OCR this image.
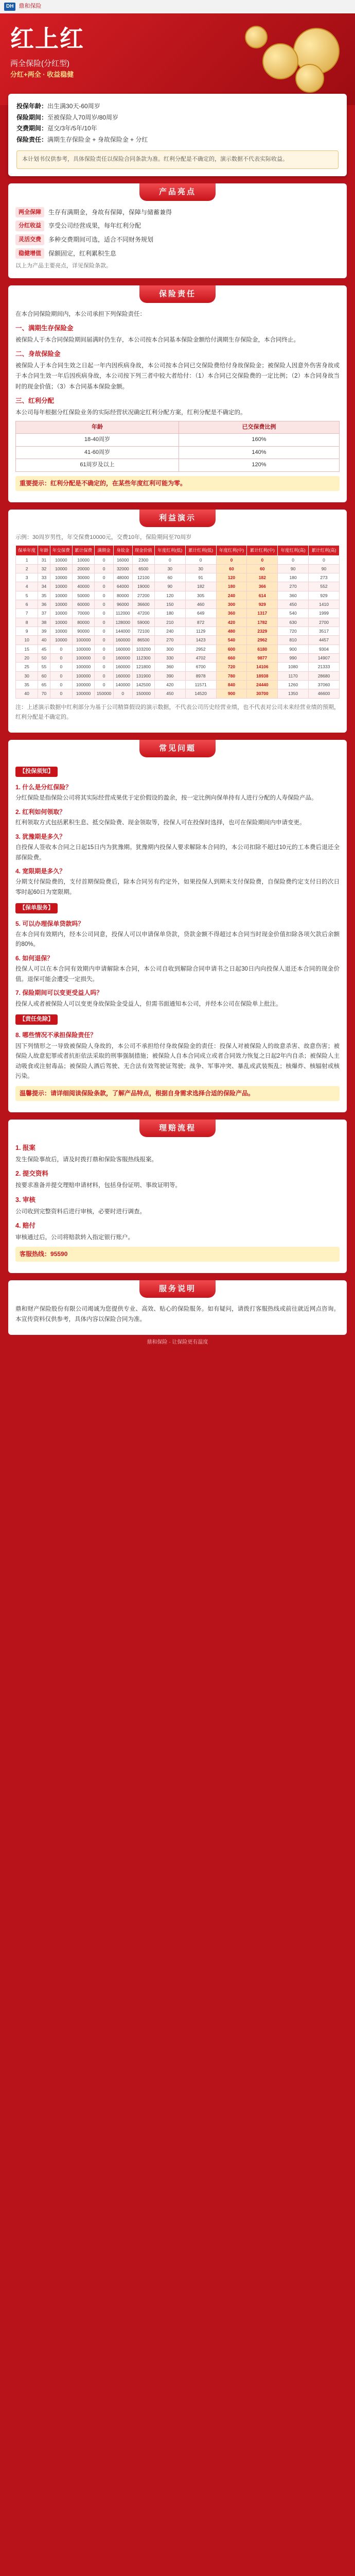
DH 鼎和保险
红上红
两全保险(分红型)
分红+两全 · 收益稳健
投保年龄：出生满30天-60周岁
保险期间：至被保险人70周岁/80周岁
交费期间：趸交/3年/5年/10年
保险责任：满期生存保险金 + 身故保险金 + 分红
本计划书仅供参考，具体保险责任以保险合同条款为准。红利分配是不确定的，演示数据不代表实际收益。
产品亮点
两全保障	生存有满期金，身故有保障，保障与储蓄兼得
分红收益	享受公司经营成果，每年红利分配
灵活交费	多种交费期间可选，适合不同财务规划
稳健增值	保额固定，红利累积生息
以上为产品主要亮点，详见保险条款。
保险责任
在本合同保险期间内，本公司承担下列保险责任：
一、满期生存保险金
被保险人于本合同保险期间届满时仍生存，本公司按本合同基本保险金额给付满期生存保险金，本合同终止。
二、身故保险金
被保险人于本合同生效之日起一年内因疾病身故，本公司按本合同已交保险费给付身故保险金；被保险人因意外伤害身故或于本合同生效一年后因疾病身故，本公司按下列三者中较大者给付：（1）本合同已交保险费的一定比例；（2）本合同身故当时的现金价值；（3）本合同基本保险金额。
三、红利分配
本公司每年根据分红保险业务的实际经营状况确定红利分配方案，红利分配是不确定的。
年龄	已交保费比例
18-40周岁	160%
41-60周岁	140%
61周岁及以上	120%
重要提示：红利分配是不确定的，在某些年度红利可能为零。
利益演示
示例：30周岁男性，年交保费10000元，交费10年，保险期间至70周岁
保单年度	年龄	年交保费	累计保费	满期金	身故金	现金价值	年度红利(低)	累计红利(低)	年度红利(中)	累计红利(中)	年度红利(高)	累计红利(高)
1	31	10000	10000	0	16000	2300	0	0	0	0	0	0
2	32	10000	20000	0	32000	6500	30	30	60	60	90	90
3	33	10000	30000	0	48000	12100	60	91	120	182	180	273
4	34	10000	40000	0	64000	19000	90	182	180	366	270	552
5	35	10000	50000	0	80000	27200	120	305	240	614	360	929
6	36	10000	60000	0	96000	36600	150	460	300	929	450	1410
7	37	10000	70000	0	112000	47200	180	649	360	1317	540	1999
8	38	10000	80000	0	128000	59000	210	872	420	1782	630	2700
9	39	10000	90000	0	144000	72100	240	1129	480	2329	720	3517
10	40	10000	100000	0	160000	86500	270	1423	540	2962	810	4457
15	45	0	100000	0	160000	103200	300	2952	600	6180	900	9304
20	50	0	100000	0	160000	112300	330	4702	660	9877	990	14907
25	55	0	100000	0	160000	121800	360	6700	720	14106	1080	21333
30	60	0	100000	0	160000	131900	390	8978	780	18938	1170	28680
35	65	0	100000	0	140000	142500	420	11571	840	24440	1260	37060
40	70	0	100000	150000	0	150000	450	14520	900	30700	1350	46600
注：上述演示数据中红利部分为基于公司精算假设的演示数据，不代表公司历史经营业绩，也不代表对公司未来经营业绩的预期，红利分配是不确定的。
常见问题
【投保须知】
1. 什么是分红保险？
分红保险是指保险公司将其实际经营成果优于定价假设的盈余，按一定比例向保单持有人进行分配的人寿保险产品。
2. 红利如何领取？
红利领取方式包括累积生息、抵交保险费、现金领取等，投保人可在投保时选择，也可在保险期间内申请变更。
3. 犹豫期是多久？
自投保人签收本合同之日起15日内为犹豫期。犹豫期内投保人要求解除本合同的，本公司扣除不超过10元的工本费后退还全部保险费。
4. 宽限期是多久？
分期支付保险费的，支付首期保险费后，除本合同另有约定外，如果投保人到期未支付保险费，自保险费约定支付日的次日零时起60日为宽限期。
【保单服务】
5. 可以办理保单贷款吗？
在本合同有效期内，经本公司同意，投保人可以申请保单贷款，贷款金额不得超过本合同当时现金价值扣除各项欠款后余额的80%。
6. 如何退保？
投保人可以在本合同有效期内申请解除本合同，本公司自收到解除合同申请书之日起30日内向投保人退还本合同的现金价值。退保可能会遭受一定损失。
7. 保险期间可以变更受益人吗？
投保人或者被保险人可以变更身故保险金受益人，但需书面通知本公司，并经本公司在保险单上批注。
【责任免除】
8. 哪些情况不承担保险责任？
因下列情形之一导致被保险人身故的，本公司不承担给付身故保险金的责任：投保人对被保险人的故意杀害、故意伤害；被保险人故意犯罪或者抗拒依法采取的刑事强制措施；被保险人自本合同成立或者合同效力恢复之日起2年内自杀；被保险人主动吸食或注射毒品；被保险人酒后驾驶、无合法有效驾驶证驾驶；战争、军事冲突、暴乱或武装叛乱；核爆炸、核辐射或核污染。
温馨提示：请详细阅读保险条款，了解产品特点，根据自身需求选择合适的保险产品。
理赔流程
1. 报案
发生保险事故后，请及时拨打鼎和保险客服热线报案。
2. 提交资料
按要求准备并提交理赔申请材料，包括身份证明、事故证明等。
3. 审核
公司收到完整资料后进行审核，必要时进行调查。
4. 赔付
审核通过后，公司将赔款转入指定银行账户。
客服热线：95590
服务说明
鼎和财产保险股份有限公司竭诚为您提供专业、高效、贴心的保险服务。如有疑问，请拨打客服热线或前往就近网点咨询。本宣传资料仅供参考，具体内容以保险合同为准。
鼎和保险 · 让保险更有温度
